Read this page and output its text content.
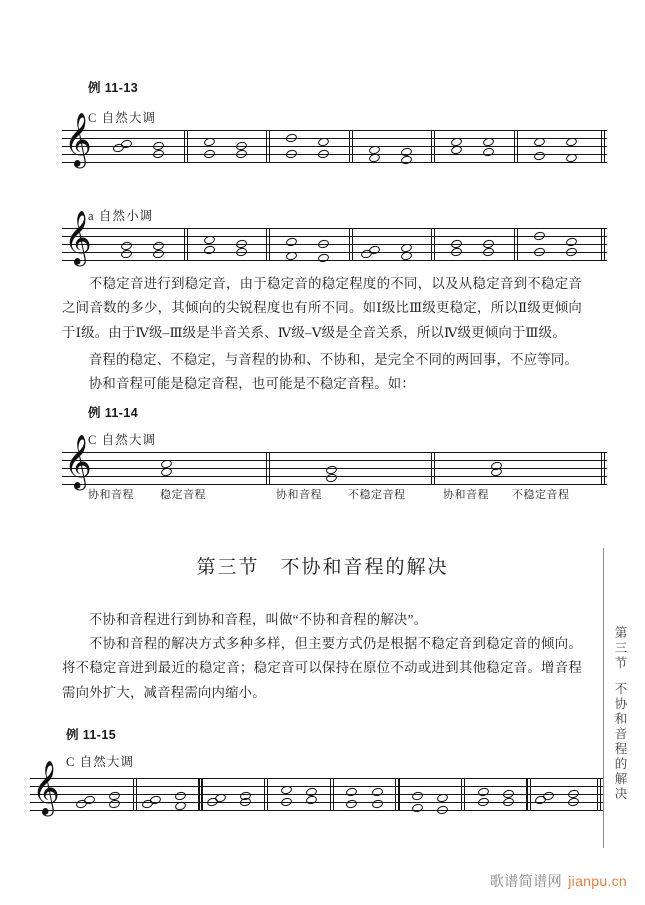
例 11-13
C 自然大调
𝄞
a 自然小调
𝄞
不稳定音进行到稳定音，由于稳定音的稳定程度的不同，以及从稳定音到不稳定音之间音数的多少，其倾向的尖锐程度也有所不同。如Ⅰ级比Ⅲ级更稳定，所以Ⅱ级更倾向于Ⅰ级。由于Ⅳ级–Ⅲ级是半音关系、Ⅳ级–Ⅴ级是全音关系，所以Ⅳ级更倾向于Ⅲ级。
音程的稳定、不稳定，与音程的协和、不协和，是完全不同的两回事，不应等同。
协和音程可能是稳定音程，也可能是不稳定音程。如：
例 11-14
C 自然大调
𝄞
协和音程 稳定音程	协和音程 不稳定音程	协和音程 不稳定音程
第三节 不协和音程的解决
不协和音程进行到协和音程，叫做“不协和音程的解决”。
不协和音程的解决方式多种多样，但主要方式仍是根据不稳定音到稳定音的倾向。将不稳定音进到最近的稳定音；稳定音可以保持在原位不动或进到其他稳定音。增音程需向外扩大，减音程需向内缩小。
例 11-15
C 自然大调
𝄞
第三节
不协和音程的解决
歌谱简谱网 jianpu.cn
